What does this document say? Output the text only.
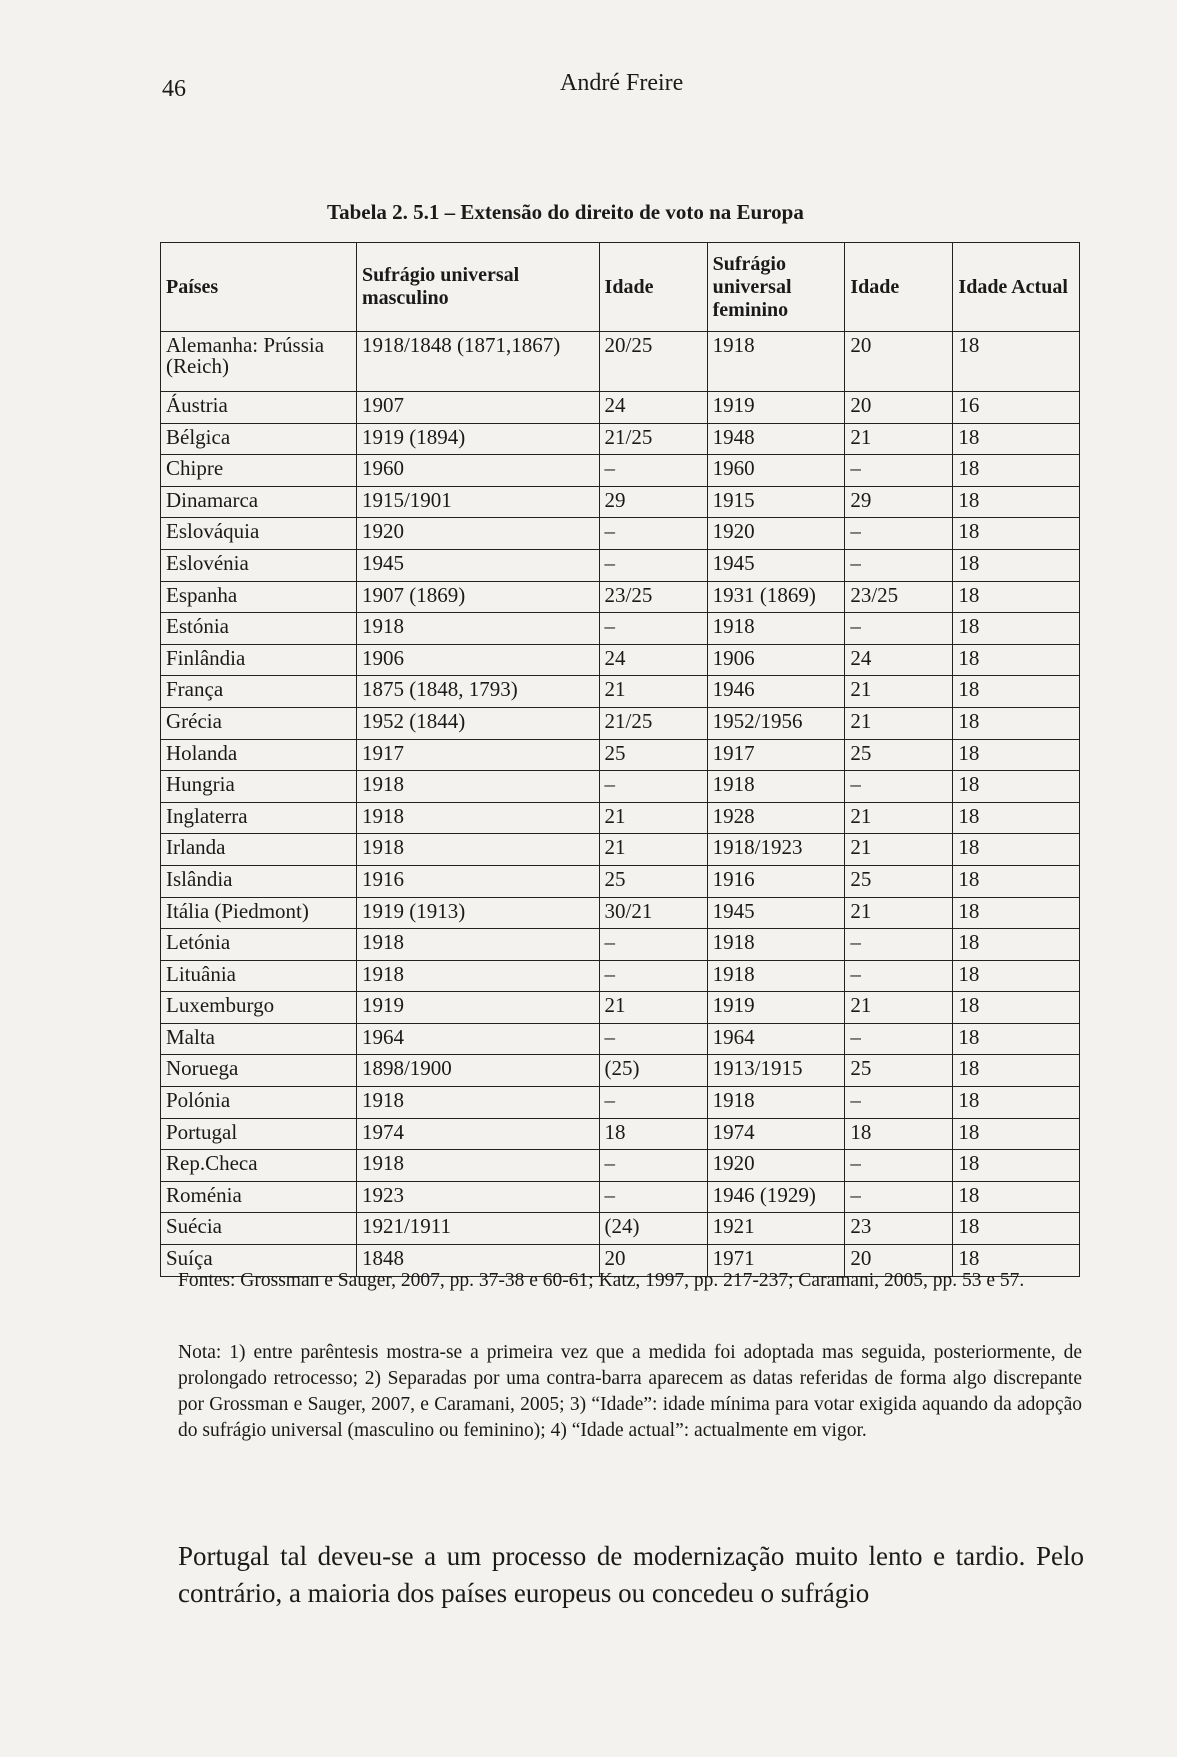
46	André Freire
Tabela 2. 5.1 – Extensão do direito de voto na Europa
Países	Sufrágio universal masculino	Idade	Sufrágio universal feminino	Idade	Idade Actual
Alemanha: Prússia (Reich)	1918/1848 (1871,1867)	20/25	1918	20	18
Áustria	1907	24	1919	20	16
Bélgica	1919 (1894)	21/25	1948	21	18
Chipre	1960	–	1960	–	18
Dinamarca	1915/1901	29	1915	29	18
Eslováquia	1920	–	1920	–	18
Eslovénia	1945	–	1945	–	18
Espanha	1907 (1869)	23/25	1931 (1869)	23/25	18
Estónia	1918	–	1918	–	18
Finlândia	1906	24	1906	24	18
França	1875 (1848, 1793)	21	1946	21	18
Grécia	1952 (1844)	21/25	1952/1956	21	18
Holanda	1917	25	1917	25	18
Hungria	1918	–	1918	–	18
Inglaterra	1918	21	1928	21	18
Irlanda	1918	21	1918/1923	21	18
Islândia	1916	25	1916	25	18
Itália (Piedmont)	1919 (1913)	30/21	1945	21	18
Letónia	1918	–	1918	–	18
Lituânia	1918	–	1918	–	18
Luxemburgo	1919	21	1919	21	18
Malta	1964	–	1964	–	18
Noruega	1898/1900	(25)	1913/1915	25	18
Polónia	1918	–	1918	–	18
Portugal	1974	18	1974	18	18
Rep.Checa	1918	–	1920	–	18
Roménia	1923	–	1946 (1929)	–	18
Suécia	1921/1911	(24)	1921	23	18
Suíça	1848	20	1971	20	18
Fontes: Grossman e Sauger, 2007, pp. 37-38 e 60-61; Katz, 1997, pp. 217-237; Caramani, 2005, pp. 53 e 57.
Nota: 1) entre parêntesis mostra-se a primeira vez que a medida foi adoptada mas seguida, posteriormente, de prolongado retrocesso; 2) Separadas por uma contra-barra aparecem as datas referidas de forma algo discrepante por Grossman e Sauger, 2007, e Caramani, 2005; 3) “Idade”: idade mínima para votar exigida aquando da adopção do sufrágio universal (masculino ou feminino); 4) “Idade actual”: actualmente em vigor.
Portugal tal deveu-se a um processo de modernização muito lento e tardio. Pelo contrário, a maioria dos países europeus ou concedeu o sufrágio
